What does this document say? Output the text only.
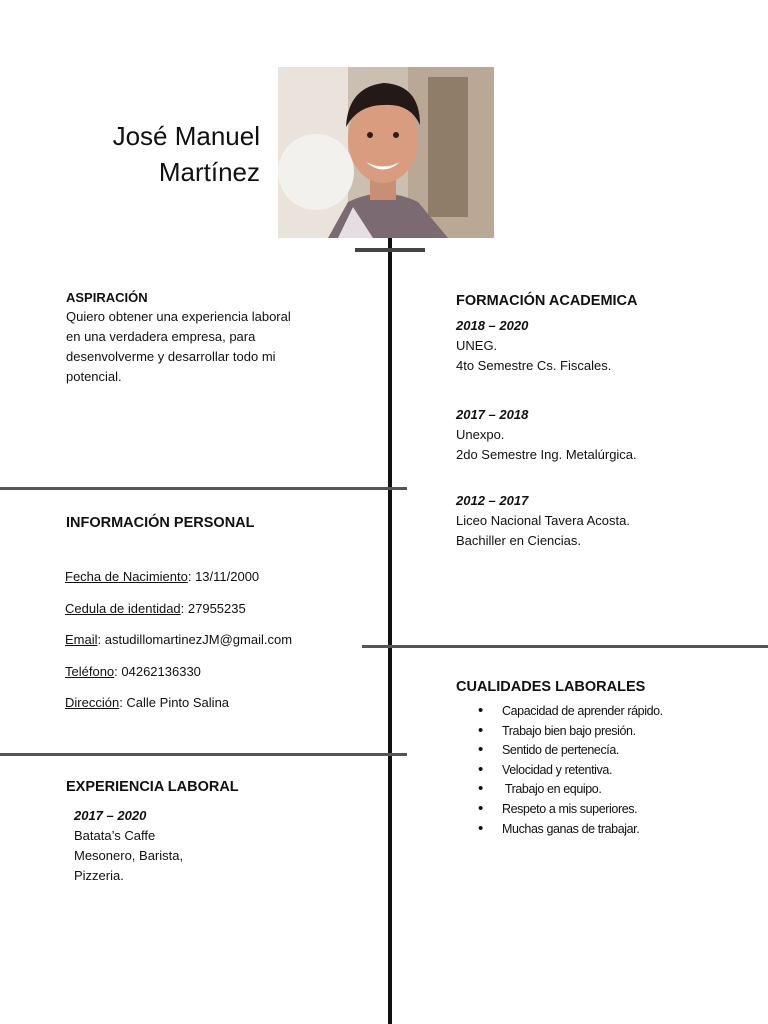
José Manuel
Martínez

ASPIRACIÓN

Quiero obtener una experiencia laboral

en una verdadera empresa, para

desenvolverme y desarrollar todo mi

potencial.

INFORMACIÓN PERSONAL

Fecha de Nacimiento: 13/11/2000
Cedula de identidad: 27955235
Email: astudillomartinezJM@gmail.com
Teléfono: 04262136330
Dirección: Calle Pinto Salina

EXPERIENCIA LABORAL

2017 – 2020

Batata’s Caffe

Mesonero, Barista,

Pizzeria.

FORMACIÓN ACADEMICA

2018 – 2020

UNEG.

4to Semestre Cs. Fiscales.

2017 – 2018

Unexpo.

2do Semestre Ing. Metalúrgica.

2012 – 2017

Liceo Nacional Tavera Acosta.

Bachiller en Ciencias.

CUALIDADES LABORALES

• Capacidad de aprender rápido.
• Trabajo bien bajo presión.
• Sentido de pertenecía.
• Velocidad y retentiva.
•  Trabajo en equipo.
• Respeto a mis superiores.
• Muchas ganas de trabajar.
